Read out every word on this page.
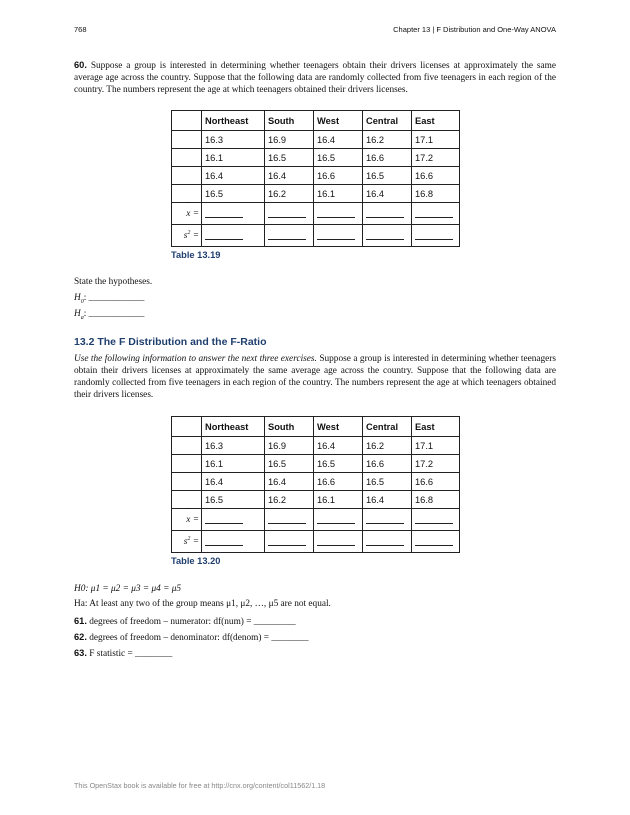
768	Chapter 13 | F Distribution and One-Way ANOVA
60. Suppose a group is interested in determining whether teenagers obtain their drivers licenses at approximately the same average age across the country. Suppose that the following data are randomly collected from five teenagers in each region of the country. The numbers represent the age at which teenagers obtained their drivers licenses.
	Northeast	South	West	Central	East
	16.3	16.9	16.4	16.2	17.1
	16.1	16.5	16.5	16.6	17.2
	16.4	16.4	16.6	16.5	16.6
	16.5	16.2	16.1	16.4	16.8
¯ x =					
$s^2$ =					
Table 13.19
State the hypotheses.
$H_0$: ____________
$H_a$: ____________
13.2 The F Distribution and the F-Ratio
Use the following information to answer the next three exercises. Suppose a group is interested in determining whether teenagers obtain their drivers licenses at approximately the same average age across the country. Suppose that the following data are randomly collected from five teenagers in each region of the country. The numbers represent the age at which teenagers obtained their drivers licenses.
	Northeast	South	West	Central	East
	16.3	16.9	16.4	16.2	17.1
	16.1	16.5	16.5	16.6	17.2
	16.4	16.4	16.6	16.5	16.6
	16.5	16.2	16.1	16.4	16.8
¯ x =					
$s^2$ =					
Table 13.20
H0: μ1 = μ2 = μ3 = μ4 = μ5
Ha: At least any two of the group means μ1, μ2, …, μ5 are not equal.
61. degrees of freedom – numerator: df(num) = _________
62. degrees of freedom – denominator: df(denom) = ________
63. F statistic = ________
This OpenStax book is available for free at http://cnx.org/content/col11562/1.18
